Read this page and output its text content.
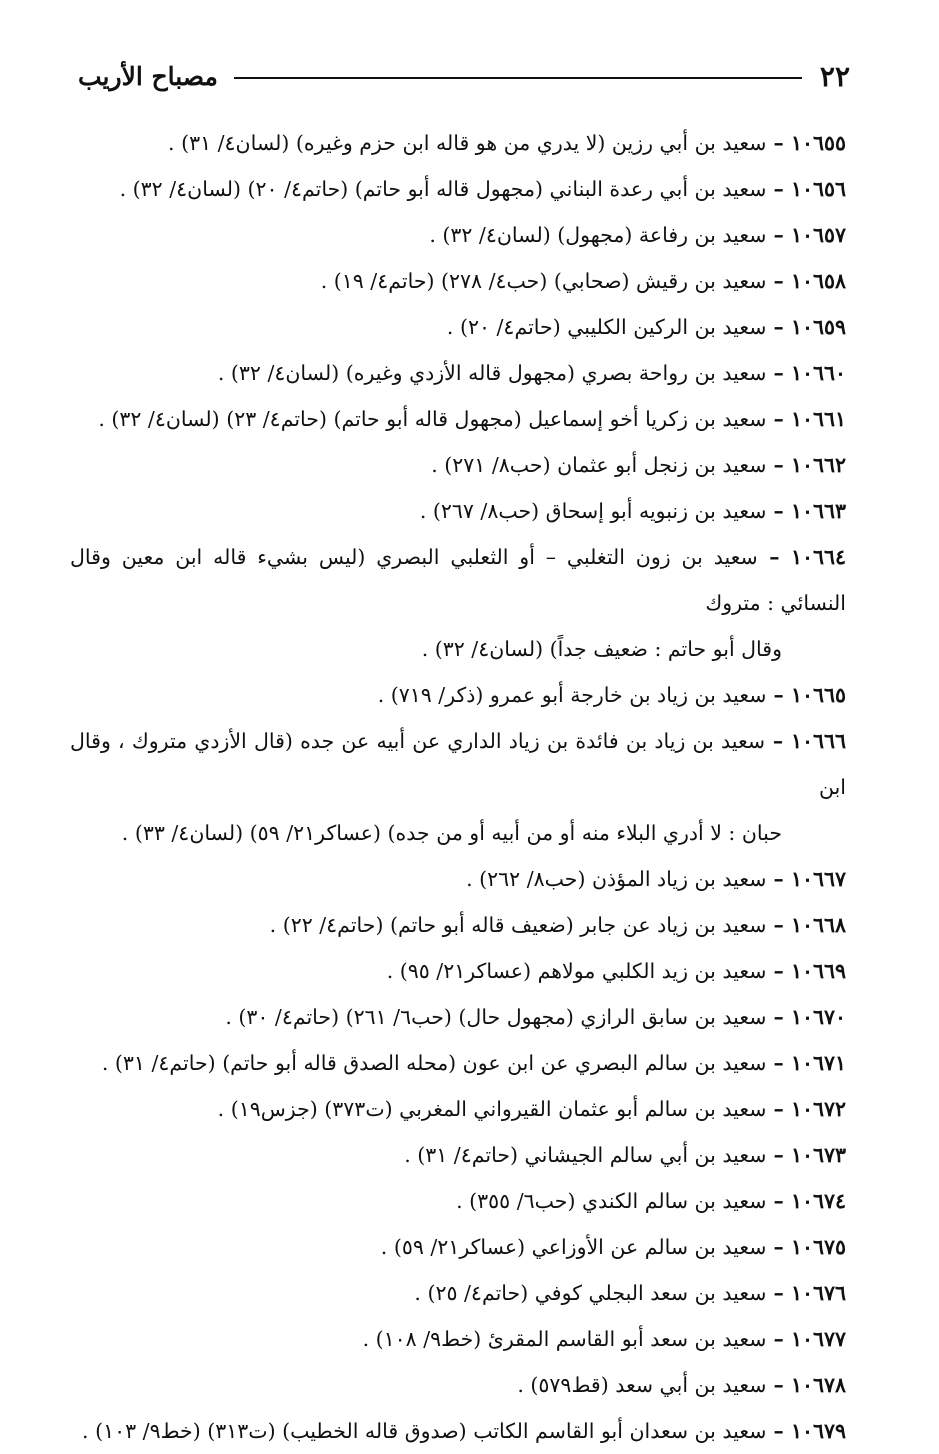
٢٢
مصباح الأريب
١٠٦٥٥ – سعيد بن أبي رزين (لا يدري من هو قاله ابن حزم وغيره) (لسان٤/ ٣١) .
١٠٦٥٦ – سعيد بن أبي رعدة البناني (مجهول قاله أبو حاتم) (حاتم٤/ ٢٠) (لسان٤/ ٣٢) .
١٠٦٥٧ – سعيد بن رفاعة (مجهول) (لسان٤/ ٣٢) .
١٠٦٥٨ – سعيد بن رقيش (صحابي) (حب٤/ ٢٧٨) (حاتم٤/ ١٩) .
١٠٦٥٩ – سعيد بن الركين الكليبي (حاتم٤/ ٢٠) .
١٠٦٦٠ – سعيد بن رواحة بصري (مجهول قاله الأزدي وغيره) (لسان٤/ ٣٢) .
١٠٦٦١ – سعيد بن زكريا أخو إسماعيل (مجهول قاله أبو حاتم) (حاتم٤/ ٢٣) (لسان٤/ ٣٢) .
١٠٦٦٢ – سعيد بن زنجل أبو عثمان (حب٨/ ٢٧١) .
١٠٦٦٣ – سعيد بن زنبويه أبو إسحاق (حب٨/ ٢٦٧) .
١٠٦٦٤ – سعيد بن زون التغلبي – أو الثعلبي البصري (ليس بشيء قاله ابن معين وقال النسائي : متروك
وقال أبو حاتم : ضعيف جداً) (لسان٤/ ٣٢) .
١٠٦٦٥ – سعيد بن زياد بن خارجة أبو عمرو (ذكر/ ٧١٩) .
١٠٦٦٦ – سعيد بن زياد بن فائدة بن زياد الداري عن أبيه عن جده (قال الأزدي متروك ، وقال ابن
حبان : لا أدري البلاء منه أو من أبيه أو من جده) (عساكر٢١/ ٥٩) (لسان٤/ ٣٣) .
١٠٦٦٧ – سعيد بن زياد المؤذن (حب٨/ ٢٦٢) .
١٠٦٦٨ – سعيد بن زياد عن جابر (ضعيف قاله أبو حاتم) (حاتم٤/ ٢٢) .
١٠٦٦٩ – سعيد بن زيد الكلبي مولاهم (عساكر٢١/ ٩٥) .
١٠٦٧٠ – سعيد بن سابق الرازي (مجهول حال) (حب٦/ ٢٦١) (حاتم٤/ ٣٠) .
١٠٦٧١ – سعيد بن سالم البصري عن ابن عون (محله الصدق قاله أبو حاتم) (حاتم٤/ ٣١) .
١٠٦٧٢ – سعيد بن سالم أبو عثمان القيرواني المغربي (ت٣٧٣) (جزس١٩) .
١٠٦٧٣ – سعيد بن أبي سالم الجيشاني (حاتم٤/ ٣١) .
١٠٦٧٤ – سعيد بن سالم الكندي (حب٦/ ٣٥٥) .
١٠٦٧٥ – سعيد بن سالم عن الأوزاعي (عساكر٢١/ ٥٩) .
١٠٦٧٦ – سعيد بن سعد البجلي كوفي (حاتم٤/ ٢٥) .
١٠٦٧٧ – سعيد بن سعد أبو القاسم المقرئ (خط٩/ ١٠٨) .
١٠٦٧٨ – سعيد بن أبي سعد (قط٥٧٩) .
١٠٦٧٩ – سعيد بن سعدان أبو القاسم الكاتب (صدوق قاله الخطيب) (ت٣١٣) (خط٩/ ١٠٣) .
